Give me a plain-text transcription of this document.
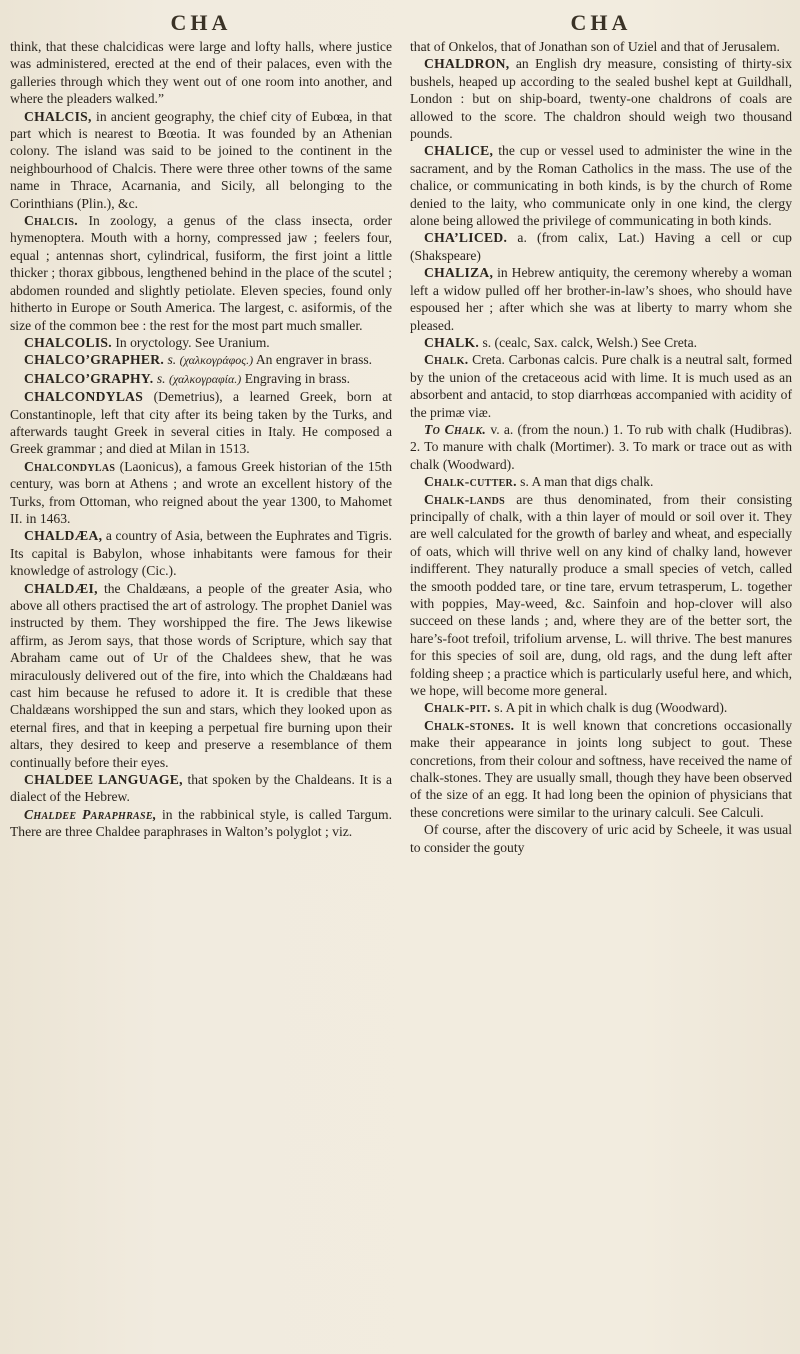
CHA

think, that these chalcidicas were large and lofty halls, where justice was administered, erected at the end of their palaces, even with the galleries through which they went out of one room into another, and where the pleaders walked.”

CHALCIS, in ancient geography, the chief city of Eubœa, in that part which is nearest to Bœotia. It was founded by an Athenian colony. The island was said to be joined to the continent in the neighbourhood of Chalcis. There were three other towns of the same name in Thrace, Acarnania, and Sicily, all belonging to the Corinthians (Plin.), &c.

Chalcis. In zoology, a genus of the class insecta, order hymenoptera. Mouth with a horny, compressed jaw ; feelers four, equal ; antennas short, cylindrical, fusiform, the first joint a little thicker ; thorax gibbous, lengthened behind in the place of the scutel ; abdomen rounded and slightly petiolate. Eleven species, found only hitherto in Europe or South America. The largest, c. asiformis, of the size of the common bee : the rest for the most part much smaller.

CHALCOLIS. In oryctology. See Uranium.

CHALCO’GRAPHER. s. (χαλκογράφος.) An engraver in brass.

CHALCO’GRAPHY. s. (χαλκογραφία.) Engraving in brass.

CHALCONDYLAS (Demetrius), a learned Greek, born at Constantinople, left that city after its being taken by the Turks, and afterwards taught Greek in several cities in Italy. He composed a Greek grammar ; and died at Milan in 1513.

Chalcondylas (Laonicus), a famous Greek historian of the 15th century, was born at Athens ; and wrote an excellent history of the Turks, from Ottoman, who reigned about the year 1300, to Mahomet II. in 1463.

CHALDÆA, a country of Asia, between the Euphrates and Tigris. Its capital is Babylon, whose inhabitants were famous for their knowledge of astrology (Cic.).

CHALDÆI, the Chaldæans, a people of the greater Asia, who above all others practised the art of astrology. The prophet Daniel was instructed by them. They worshipped the fire. The Jews likewise affirm, as Jerom says, that those words of Scripture, which say that Abraham came out of Ur of the Chaldees shew, that he was miraculously delivered out of the fire, into which the Chaldæans had cast him because he refused to adore it. It is credible that these Chaldæans worshipped the sun and stars, which they looked upon as eternal fires, and that in keeping a perpetual fire burning upon their altars, they desired to keep and preserve a resemblance of them continually before their eyes.

CHALDEE LANGUAGE, that spoken by the Chaldeans. It is a dialect of the Hebrew.

Chaldee Paraphrase, in the rabbinical style, is called Targum. There are three Chaldee paraphrases in Walton’s polyglot ; viz.

CHA

that of Onkelos, that of Jonathan son of Uziel and that of Jerusalem.

CHALDRON, an English dry measure, consisting of thirty-six bushels, heaped up according to the sealed bushel kept at Guildhall, London : but on ship-board, twenty-one chaldrons of coals are allowed to the score. The chaldron should weigh two thousand pounds.

CHALICE, the cup or vessel used to administer the wine in the sacrament, and by the Roman Catholics in the mass. The use of the chalice, or communicating in both kinds, is by the church of Rome denied to the laity, who communicate only in one kind, the clergy alone being allowed the privilege of communicating in both kinds.

CHA’LICED. a. (from calix, Lat.) Having a cell or cup (Shakspeare)

CHALIZA, in Hebrew antiquity, the ceremony whereby a woman left a widow pulled off her brother-in-law’s shoes, who should have espoused her ; after which she was at liberty to marry whom she pleased.

CHALK. s. (cealc, Sax. calck, Welsh.) See Creta.

Chalk. Creta. Carbonas calcis. Pure chalk is a neutral salt, formed by the union of the cretaceous acid with lime. It is much used as an absorbent and antacid, to stop diarrhœas accompanied with acidity of the primæ viæ.

To Chalk. v. a. (from the noun.) 1. To rub with chalk (Hudibras). 2. To manure with chalk (Mortimer). 3. To mark or trace out as with chalk (Woodward).

Chalk-cutter. s. A man that digs chalk.

Chalk-lands are thus denominated, from their consisting principally of chalk, with a thin layer of mould or soil over it. They are well calculated for the growth of barley and wheat, and especially of oats, which will thrive well on any kind of chalky land, however indifferent. They naturally produce a small species of vetch, called the smooth podded tare, or tine tare, ervum tetrasperum, L. together with poppies, May-weed, &c. Sainfoin and hop-clover will also succeed on these lands ; and, where they are of the better sort, the hare’s-foot trefoil, trifolium arvense, L. will thrive. The best manures for this species of soil are, dung, old rags, and the dung left after folding sheep ; a practice which is particularly useful here, and which, we hope, will become more general.

Chalk-pit. s. A pit in which chalk is dug (Woodward).

Chalk-stones. It is well known that concretions occasionally make their appearance in joints long subject to gout. These concretions, from their colour and softness, have received the name of chalk-stones. They are usually small, though they have been observed of the size of an egg. It had long been the opinion of physicians that these concretions were similar to the urinary calculi. See Calculi.

Of course, after the discovery of uric acid by Scheele, it was usual to consider the gouty
